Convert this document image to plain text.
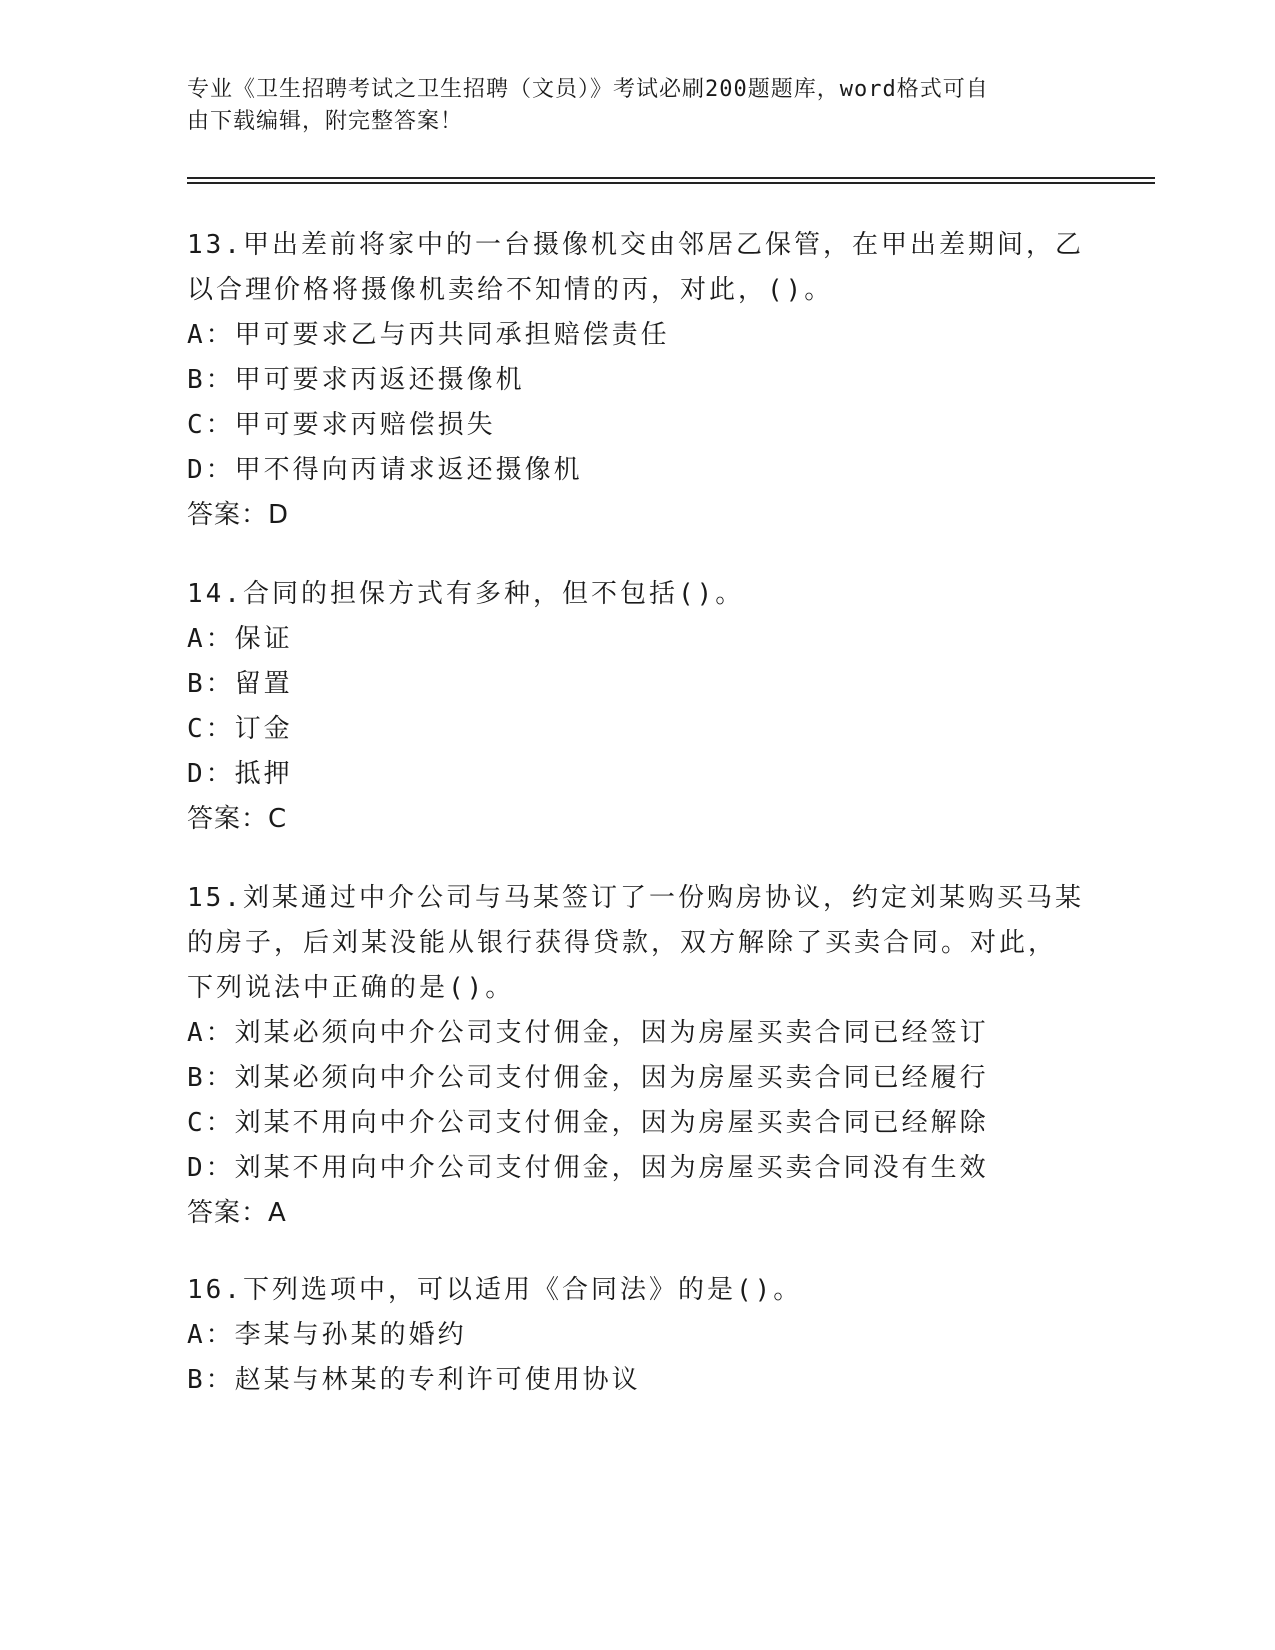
专业《卫生招聘考试之卫生招聘（文员）》考试必刷200题题库，word格式可自
由下载编辑，附完整答案！
13.甲出差前将家中的一台摄像机交由邻居乙保管，在甲出差期间，乙
以合理价格将摄像机卖给不知情的丙，对此，()。
A：甲可要求乙与丙共同承担赔偿责任
B：甲可要求丙返还摄像机
C：甲可要求丙赔偿损失
D：甲不得向丙请求返还摄像机
答案：D
14.合同的担保方式有多种，但不包括()。
A：保证
B：留置
C：订金
D：抵押
答案：C
15.刘某通过中介公司与马某签订了一份购房协议，约定刘某购买马某
的房子，后刘某没能从银行获得贷款，双方解除了买卖合同。对此，
下列说法中正确的是()。
A：刘某必须向中介公司支付佣金，因为房屋买卖合同已经签订
B：刘某必须向中介公司支付佣金，因为房屋买卖合同已经履行
C：刘某不用向中介公司支付佣金，因为房屋买卖合同已经解除
D：刘某不用向中介公司支付佣金，因为房屋买卖合同没有生效
答案：A
16.下列选项中，可以适用《合同法》的是()。
A：李某与孙某的婚约
B：赵某与林某的专利许可使用协议
